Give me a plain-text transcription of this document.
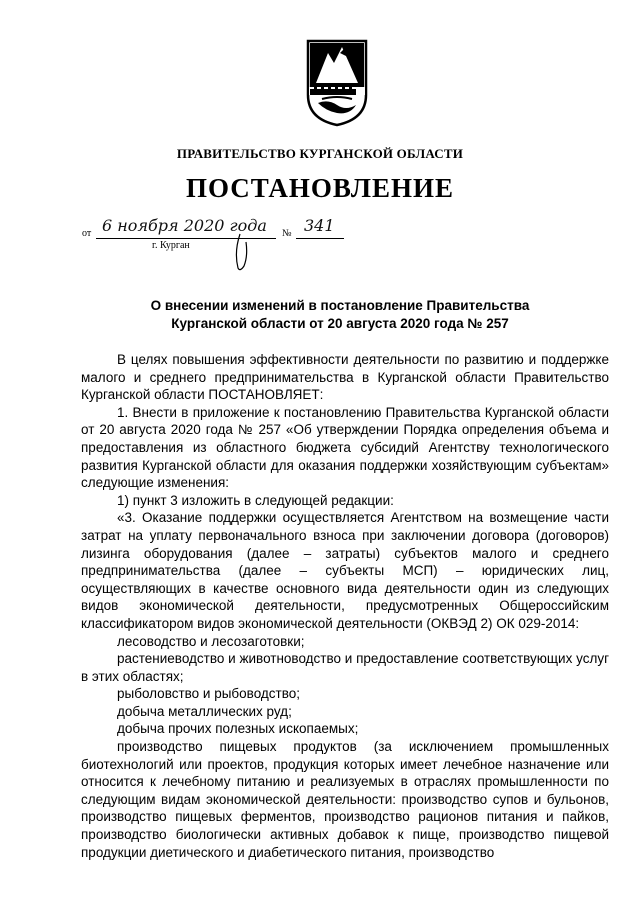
ПРАВИТЕЛЬСТВО КУРГАНСКОЙ ОБЛАСТИ
ПОСТАНОВЛЕНИЕ
от 6 ноября 2020 года № 341
г. Курган
О внесении изменений в постановление Правительства
Курганской области от 20 августа 2020 года № 257

В целях повышения эффективности деятельности по развитию и поддержке малого и среднего предпринимательства в Курганской области Правительство Курганской области ПОСТАНОВЛЯЕТ:

1. Внести в приложение к постановлению Правительства Курганской области от 20 августа 2020 года № 257 «Об утверждении Порядка определения объема и предоставления из областного бюджета субсидий Агентству технологического развития Курганской области для оказания поддержки хозяйствующим субъектам» следующие изменения:

1) пункт 3 изложить в следующей редакции:

«3. Оказание поддержки осуществляется Агентством на возмещение части затрат на уплату первоначального взноса при заключении договора (договоров) лизинга оборудования (далее – затраты) субъектов малого и среднего предпринимательства (далее – субъекты МСП) – юридических лиц, осуществляющих в качестве основного вида деятельности один из следующих видов экономической деятельности, предусмотренных Общероссийским классификатором видов экономической деятельности (ОКВЭД 2) ОК 029-2014:

лесоводство и лесозаготовки;

растениеводство и животноводство и предоставление соответствующих услуг в этих областях;

рыболовство и рыбоводство;

добыча металлических руд;

добыча прочих полезных ископаемых;

производство пищевых продуктов (за исключением промышленных биотехнологий или проектов, продукция которых имеет лечебное назначение или относится к лечебному питанию и реализуемых в отраслях промышленности по следующим видам экономической деятельности: производство супов и бульонов, производство пищевых ферментов, производство рационов питания и пайков, производство биологически активных добавок к пище, производство пищевой продукции диетического и диабетического питания, производство
